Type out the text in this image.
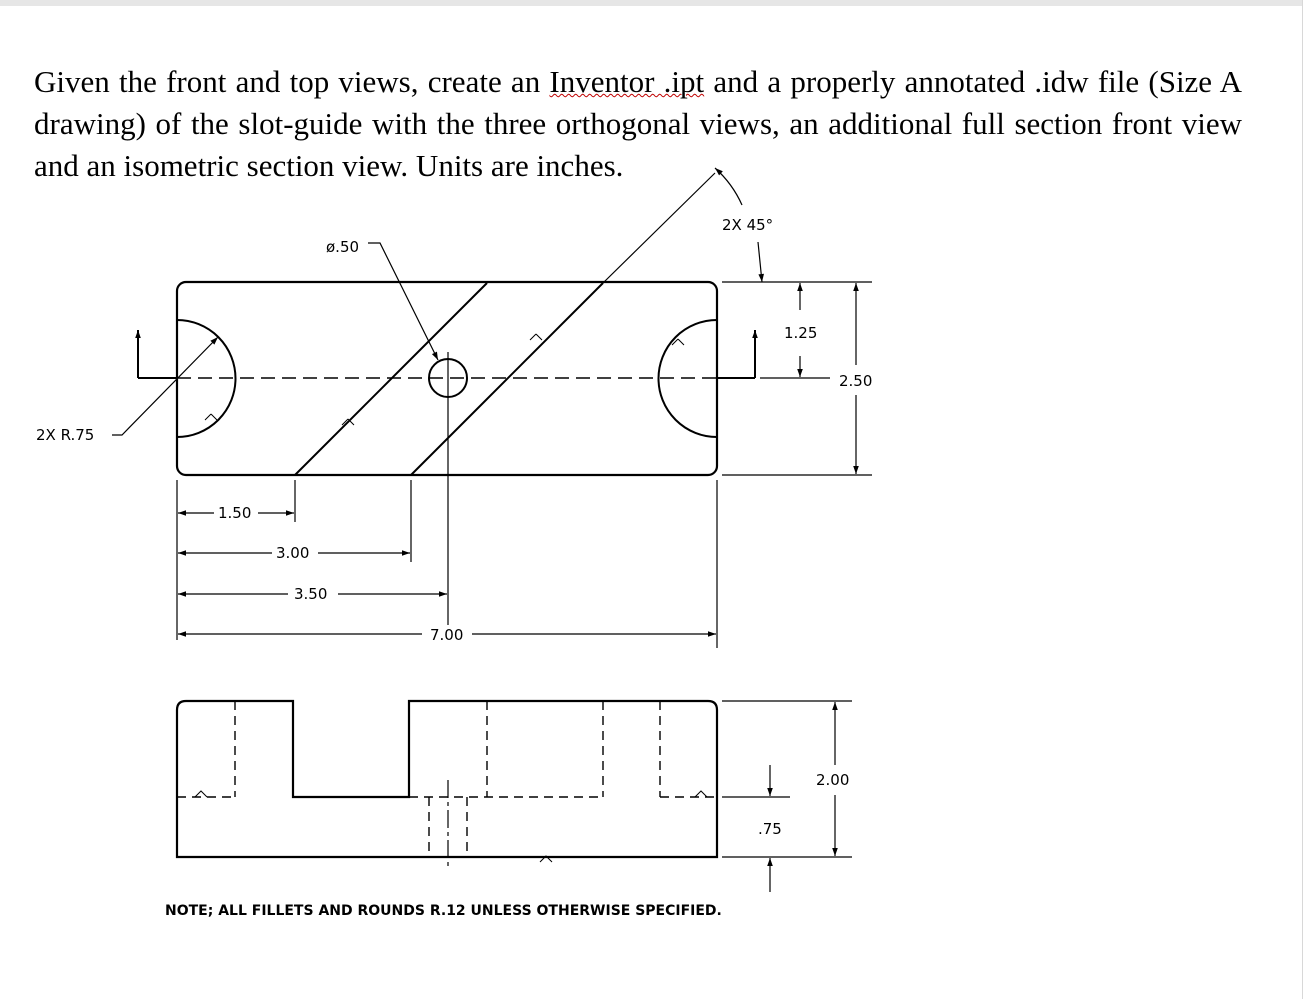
Given the front and top views, create an Inventor .ipt and a properly annotated .idw file (Size A drawing) of the slot-guide with the three orthogonal views, an additional full section front view and an isometric section view. Units are inches.

ø.50
2X 45°
2X R.75
1.25
2.50
1.50
3.00
3.50
7.00
2.00
.75
NOTE; ALL FILLETS AND ROUNDS R.12 UNLESS OTHERWISE SPECIFIED.
